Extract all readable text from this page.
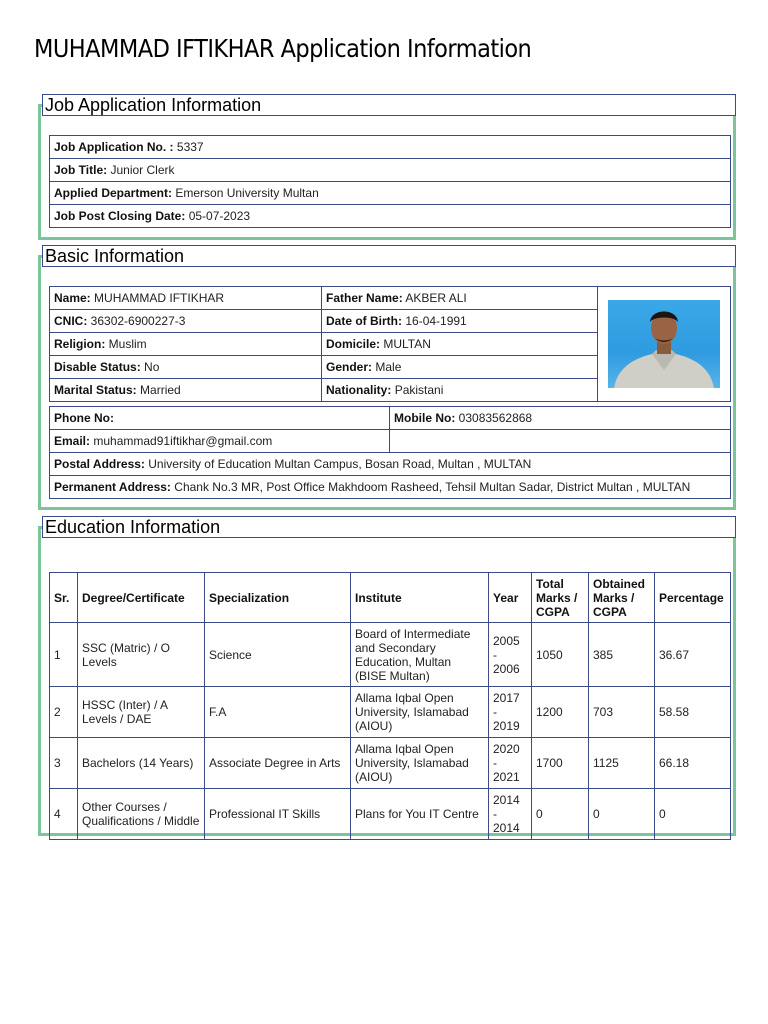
MUHAMMAD IFTIKHAR Application Information
Job Application Information
Job Application No. : 5337
Job Title: Junior Clerk
Applied Department: Emerson University Multan
Job Post Closing Date: 05-07-2023
Basic Information
Name: MUHAMMAD IFTIKHAR	Father Name: AKBER ALI	
CNIC: 36302-6900227-3	Date of Birth: 16-04-1991	
Religion: Muslim	Domicile: MULTAN	
Disable Status: No	Gender: Male	
Marital Status: Married	Nationality: Pakistani	
Phone No:	Mobile No: 03083562868
Email: muhammad91iftikhar@gmail.com	
Postal Address: University of Education Multan Campus, Bosan Road, Multan , MULTAN	
Permanent Address: Chank No.3 MR, Post Office Makhdoom Rasheed, Tehsil Multan Sadar, District Multan , MULTAN	
Education Information
Sr.	Degree/Certificate	Specialization	Institute	Year	Total Marks / CGPA	Obtained Marks / CGPA	Percentage
1	SSC (Matric) / O Levels	Science	Board of Intermediate and Secondary Education, Multan (BISE Multan)	2005 - 2006	1050	385	36.67
2	HSSC (Inter) / A Levels / DAE	F.A	Allama Iqbal Open University, Islamabad (AIOU)	2017 - 2019	1200	703	58.58
3	Bachelors (14 Years)	Associate Degree in Arts	Allama Iqbal Open University, Islamabad (AIOU)	2020 - 2021	1700	1125	66.18
4	Other Courses / Qualifications / Middle	Professional IT Skills	Plans for You IT Centre	2014 - 2014	0	0	0
